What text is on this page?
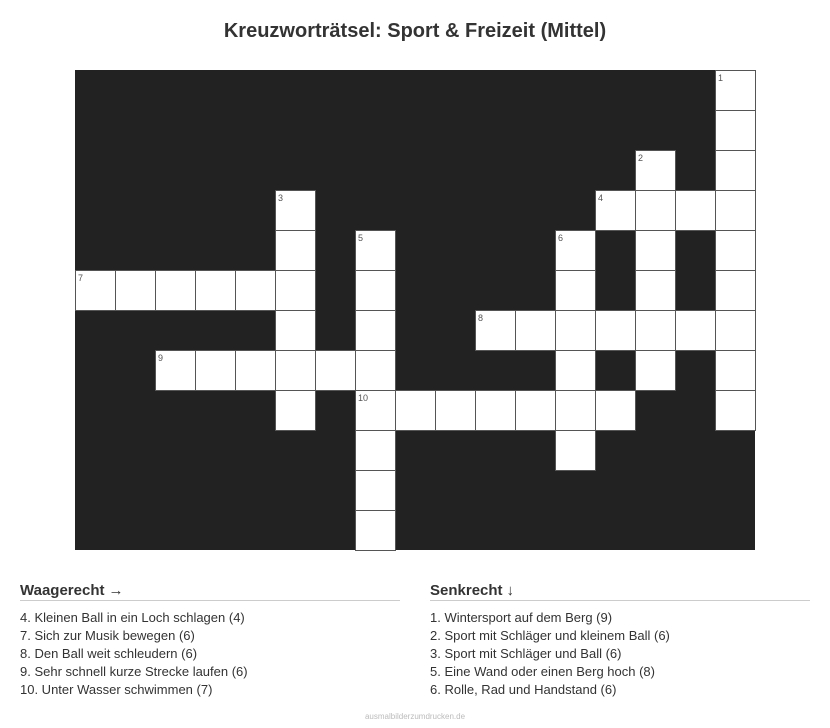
Kreuzworträtsel: Sport & Freizeit (Mittel)
1
2
3	4
5
10
6
7
8
9
Waagerecht →
4. Kleinen Ball in ein Loch schlagen (4)
7. Sich zur Musik bewegen (6)
8. Den Ball weit schleudern (6)
9. Sehr schnell kurze Strecke laufen (6)
10. Unter Wasser schwimmen (7)
Senkrecht ↓
1. Wintersport auf dem Berg (9)
2. Sport mit Schläger und kleinem Ball (6)
3. Sport mit Schläger und Ball (6)
5. Eine Wand oder einen Berg hoch (8)
6. Rolle, Rad und Handstand (6)
ausmalbilderzumdrucken.de
